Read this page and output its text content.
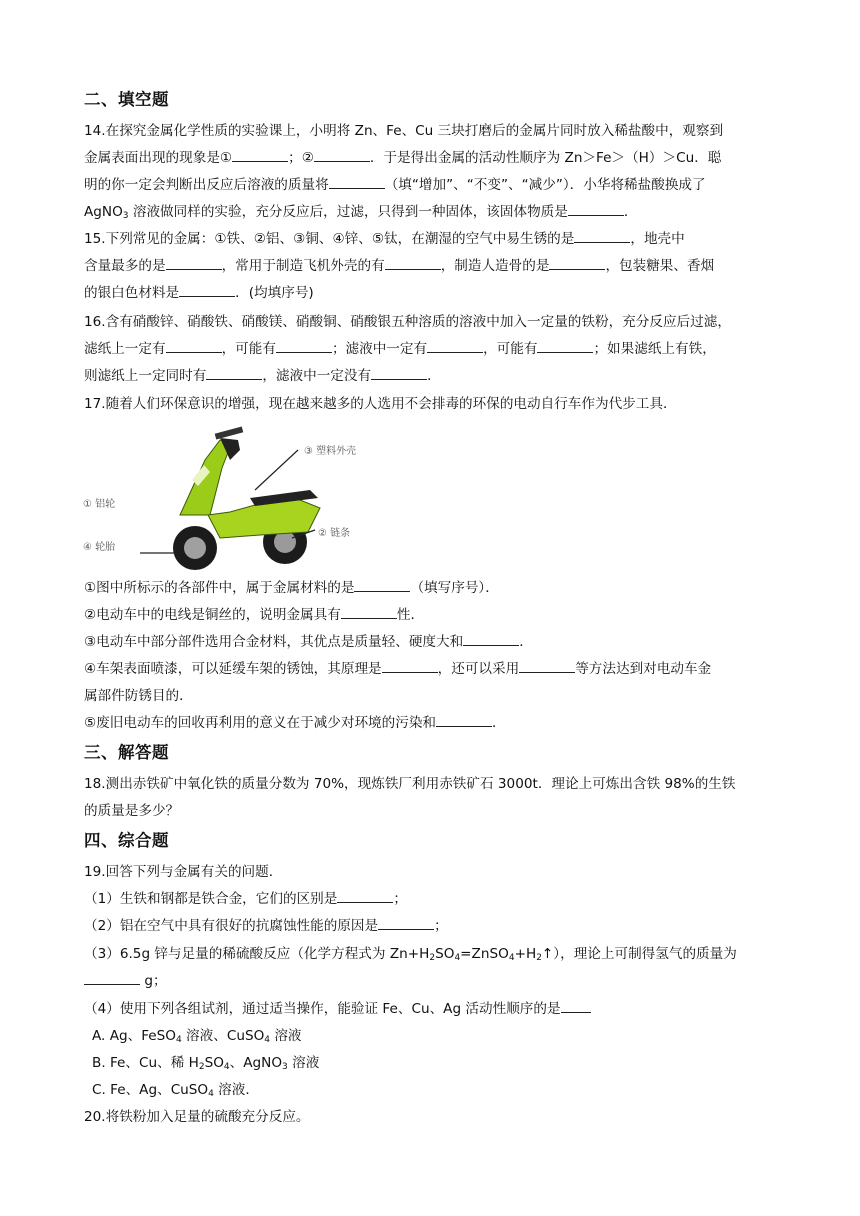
二、填空题
14.在探究金属化学性质的实验课上，小明将 Zn、Fe、Cu 三块打磨后的金属片同时放入稀盐酸中，观察到
金属表面出现的现象是①	；②	．于是得出金属的活动性顺序为 Zn＞Fe＞（H）＞Cu．聪
明的你一定会判断出反应后溶液的质量将	（填“增加”、“不变”、“减少”）．小华将稀盐酸换成了
AgNO$_3$ 溶液做同样的实验，充分反应后，过滤，只得到一种固体，该固体物质是	．
15.下列常见的金属：①铁、②铝、③铜、④锌、⑤钛，在潮湿的空气中易生锈的是	，地壳中
含量最多的是	，常用于制造飞机外壳的有	，制造人造骨的是	，包装糖果、香烟
的银白色材料是	．(均填序号)
16.含有硝酸锌、硝酸铁、硝酸镁、硝酸铜、硝酸银五种溶质的溶液中加入一定量的铁粉，充分反应后过滤，
滤纸上一定有	，可能有	；滤液中一定有	，可能有	；如果滤纸上有铁，
则滤纸上一定同时有	，滤液中一定没有	．
17.随着人们环保意识的增强，现在越来越多的人选用不会排毒的环保的电动自行车作为代步工具．
③ 塑料外壳
① 铝轮
② 链条
④ 轮胎
①图中所标示的各部件中，属于金属材料的是	（填写序号）．
②电动车中的电线是铜丝的，说明金属具有	性．
③电动车中部分部件选用合金材料，其优点是质量轻、硬度大和	．
④车架表面喷漆，可以延缓车架的锈蚀，其原理是	，还可以采用	等方法达到对电动车金
属部件防锈目的．
⑤废旧电动车的回收再利用的意义在于减少对环境的污染和	．
三、解答题
18.测出赤铁矿中氧化铁的质量分数为 70%，现炼铁厂利用赤铁矿石 3000t．理论上可炼出含铁 98%的生铁
的质量是多少？
四、综合题
19.回答下列与金属有关的问题．
（1）生铁和钢都是铁合金，它们的区别是	；
（2）铝在空气中具有很好的抗腐蚀性能的原因是	；
（3）6.5g 锌与足量的稀硫酸反应（化学方程式为 $Zn+H_2SO_4=ZnSO_4+H_2↑$），理论上可制得氢气的质量为
g；
（4）使用下列各组试剂，通过适当操作，能验证 Fe、Cu、Ag 活动性顺序的是
A. Ag、FeSO$_4$ 溶液、CuSO$_4$ 溶液
B. Fe、Cu、稀 $H_2SO_4$、AgNO$_3$ 溶液
C. Fe、Ag、CuSO$_4$ 溶液．
20.将铁粉加入足量的硫酸充分反应。
